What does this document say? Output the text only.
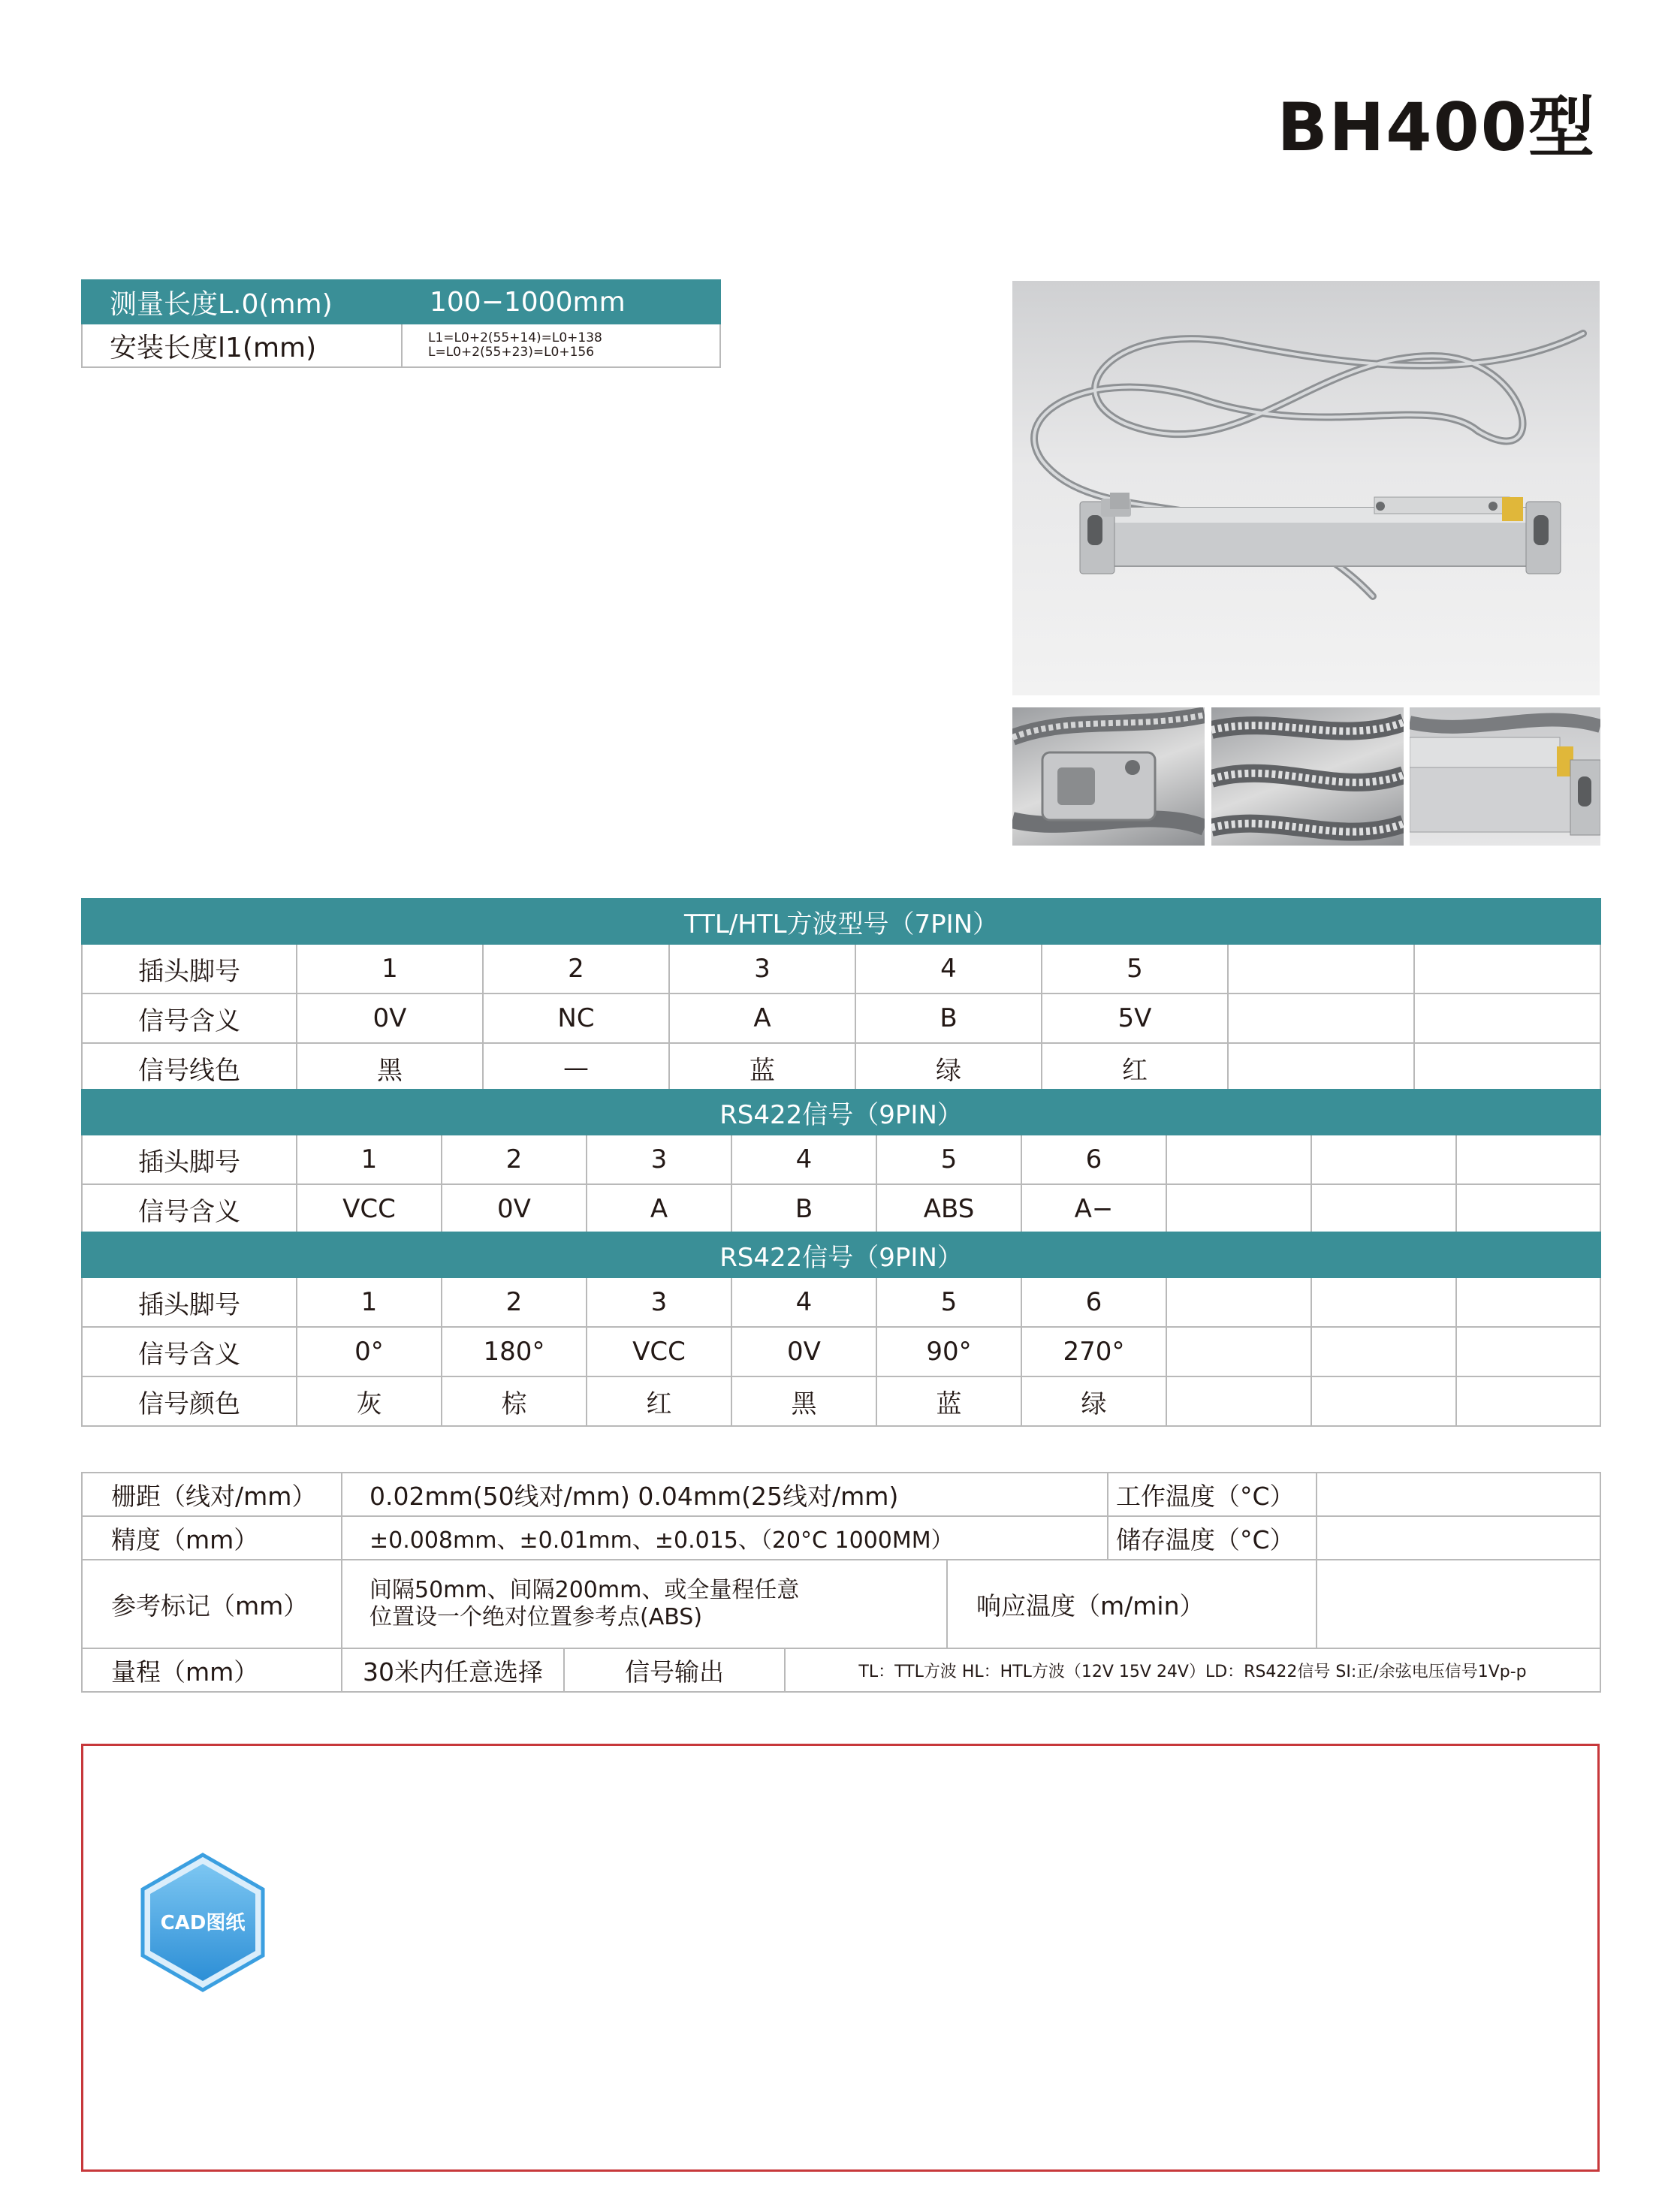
BH400型
测量长度L.0(mm)	100−1000mm
安装长度l1(mm)	L1=L0+2(55+14)=L0+138
L=L0+2(55+23)=L0+156
TTL/HTL方波型号（7PIN）							
插头脚号	1	2	3	4	5		
信号含义	0V	NC	A	B	5V		
信号线色	黑	—	蓝	绿	红		
RS422信号（9PIN）									
插头脚号	1	2	3	4	5	6			
信号含义	VCC	0V	A	B	ABS	A−			
RS422信号（9PIN）									
插头脚号	1	2	3	4	5	6			
信号含义	0°	180°	VCC	0V	90°	270°			
信号颜色	灰	棕	红	黑	蓝	绿			
栅距（线对/mm）	0.02mm(50线对/mm) 0.04mm(25线对/mm)				工作温度（°C）	
精度（mm）	±0.008mm、±0.01mm、±0.015、（20°C 1000MM）				储存温度（°C）	
参考标记（mm）	间隔50mm、间隔200mm、或全量程任意
位置设一个绝对位置参考点(ABS)			响应温度（m/min）		
量程（mm）	30米内任意选择	信号输出	TL：TTL方波 HL：HTL方波（12V 15V 24V）LD：RS422信号 SI:正/余弦电压信号1Vp-p			
CAD图纸
